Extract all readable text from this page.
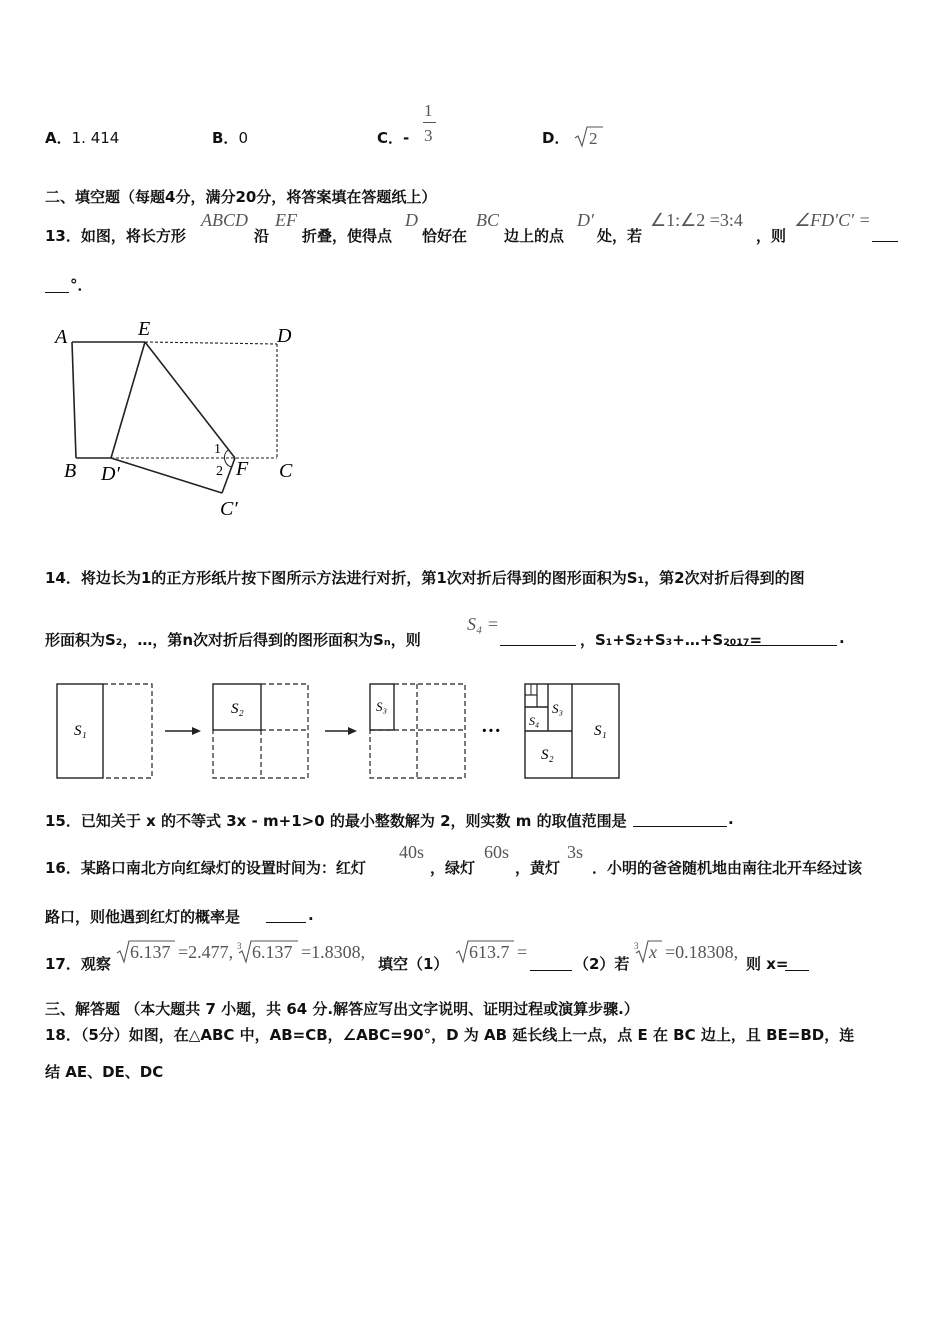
A．1. 414	B．0	C．-
1
3	D． 2
二、填空题（每题4分，满分20分，将答案填在答题纸上）
13．如图，将长方形
ABCD
沿
EF
折叠，使得点
D
恰好在
BC
边上的点
D′
处，若
∠1:∠2 =3:4
，则
∠FD′C′ =
°．
A	E	D
B D′
1
2 F C
C′
14．将边长为1的正方形纸片按下图所示方法进行对折，第1次对折后得到的图形面积为S₁，第2次对折后得到的图
形面积为S₂，…，第n次对折后得到的图形面积为Sₙ，则
S₄ =
，S₁+S₂+S₃+…+S₂₀₁₇=	.
S₁
S₂	S₃
···	S₁
S₂
S₃
S₄
15．已知关于 x 的不等式 3x - m+1>0 的最小整数解为 2，则实数 m 的取值范围是	.
16．某路口南北方向红绿灯的设置时间为：红灯
40s
，绿灯
60s
，黄灯
3s
．小明的爸爸随机地由南往北开车经过该
路口，则他遇到红灯的概率是	.
17．观察
6.137 =2.477, 3 6.137 =1.8308,
填空（1）
613.7 =
（2）若
3 x =0.18308,
则 x=
三、解答题 （本大题共 7 小题，共 64 分.解答应写出文字说明、证明过程或演算步骤.）
18．（5分）如图，在△ABC 中，AB=CB，∠ABC=90°，D 为 AB 延长线上一点，点 E 在 BC 边上，且 BE=BD，连
结 AE、DE、DC
